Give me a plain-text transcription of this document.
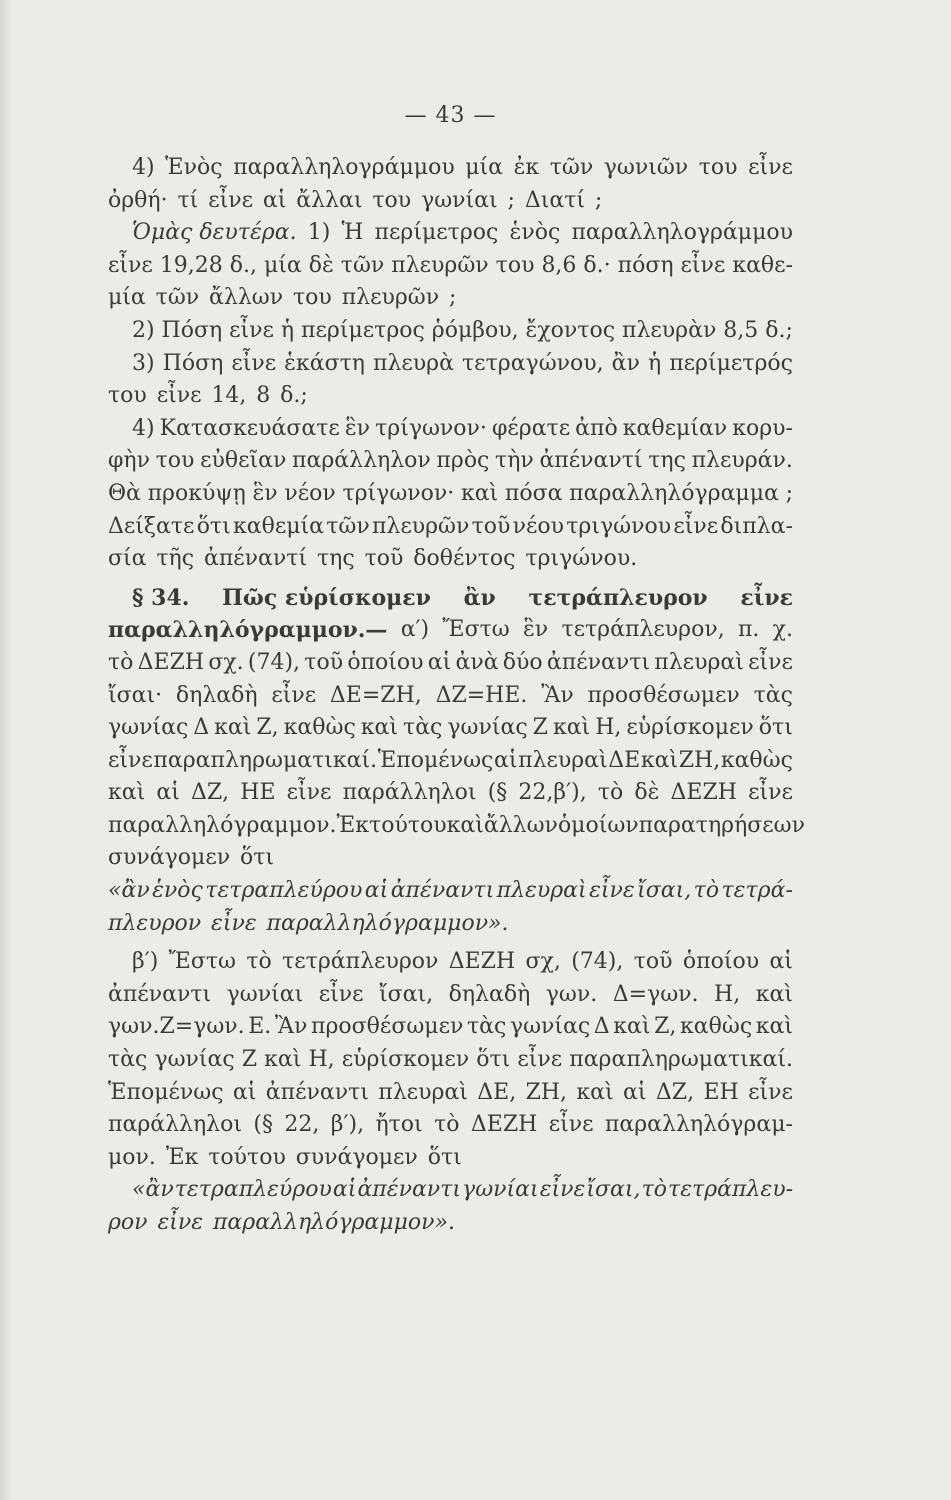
— 43 —
4) Ἑνὸς παραλληλογράμμου μία ἐκ τῶν γωνιῶν του εἶνε
ὀρθή· τί εἶνε αἱ ἄλλαι του γωνίαι ; Διατί ;
Ὁμὰς δευτέρα. 1) Ἡ περίμετρος ἑνὸς παραλληλογράμμου
εἶνε 19,28 δ., μία δὲ τῶν πλευρῶν του 8,6 δ.· πόση εἶνε καθε-
μία τῶν ἄλλων του πλευρῶν ;
2) Πόση εἶνε ἡ περίμετρος ῥόμβου, ἔχοντος πλευρὰν 8,5 δ.;
3) Πόση εἶνε ἑκάστη πλευρὰ τετραγώνου, ἂν ἡ περίμετρός
του εἶνε 14, 8 δ.;
4) Κατασκευάσατε ἓν τρίγωνον· φέρατε ἀπὸ καθεμίαν κορυ-
φὴν του εὐθεῖαν παράλληλον πρὸς τὴν ἀπέναντί της πλευράν.
Θὰ προκύψῃ ἓν νέον τρίγωνον· καὶ πόσα παραλληλόγραμμα ;
Δείξατε ὅτι καθεμία τῶν πλευρῶν τοῦ νέου τριγώνου εἶνε διπλα-
σία τῆς ἀπέναντί της τοῦ δοθέντος τριγώνου.
§ 34. Πῶς εὑρίσκομεν ἂν τετράπλευρον εἶνε
παραλληλόγραμμον.— α′) Ἔστω ἓν τετράπλευρον, π. χ.
τὸ ΔΕΖΗ σχ. (74), τοῦ ὁποίου αἱ ἀνὰ δύο ἀπέναντι πλευραὶ εἶνε
ἴσαι· δηλαδὴ εἶνε ΔΕ=ΖΗ, ΔΖ=ΗΕ. Ἂν προσθέσωμεν τὰς
γωνίας Δ καὶ Ζ, καθὼς καὶ τὰς γωνίας Ζ καὶ Η, εὑρίσκομεν ὅτι
εἶνε παραπληρωματικαί. Ἑπομένως αἱ πλευραὶ ΔΕ καὶ ΖΗ, καθὼς
καὶ αἱ ΔΖ, ΗΕ εἶνε παράλληλοι (§ 22,β′), τὸ δὲ ΔΕΖΗ εἶνε
παραλληλόγραμμον. Ἐκ τούτου καὶ ἄλλων ὁμοίων παρατηρήσεων
συνάγομεν ὅτι
«ἂν ἑνὸς τετραπλεύρου αἱ ἀπέναντι πλευραὶ εἶνε ἴσαι, τὸ τετρά-
πλευρον εἶνε παραλληλόγραμμον».
β′) Ἔστω τὸ τετράπλευρον ΔΕΖΗ σχ, (74), τοῦ ὁποίου αἱ
ἀπέναντι γωνίαι εἶνε ἴσαι, δηλαδὴ γων. Δ=γων. Η, καὶ
γων.Ζ=γων. Ε. Ἂν προσθέσωμεν τὰς γωνίας Δ καὶ Ζ, καθὼς καὶ
τὰς γωνίας Ζ καὶ Η, εὑρίσκομεν ὅτι εἶνε παραπληρωματικαί.
Ἑπομένως αἱ ἀπέναντι πλευραὶ ΔΕ, ΖΗ, καὶ αἱ ΔΖ, ΕΗ εἶνε
παράλληλοι (§ 22, β′), ἤτοι τὸ ΔΕΖΗ εἶνε παραλληλόγραμ-
μον. Ἐκ τούτου συνάγομεν ὅτι
«ἂν τετραπλεύρου αἱ ἀπέναντι γωνίαι εἶνε ἴσαι, τὸ τετράπλευ-
ρον εἶνε παραλληλόγραμμον».
